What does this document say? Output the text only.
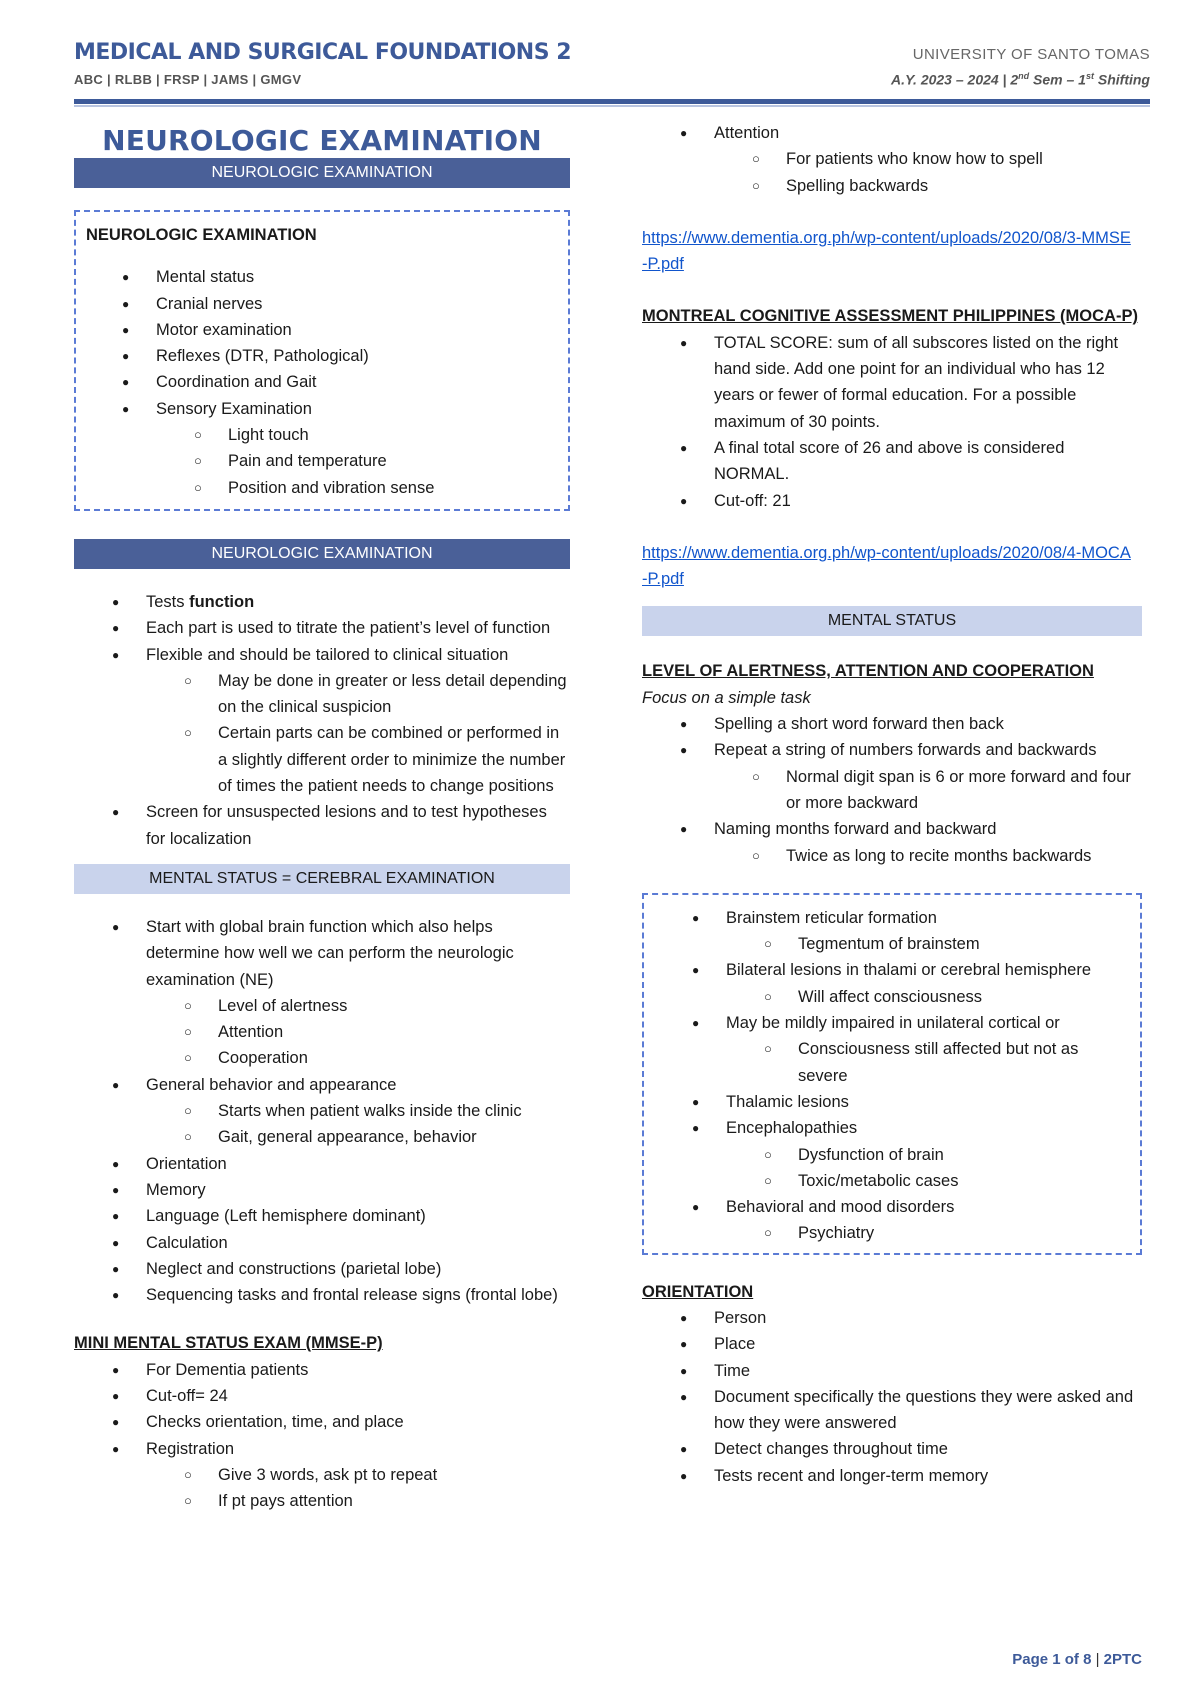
MEDICAL AND SURGICAL FOUNDATIONS 2
ABC | RLBB | FRSP | JAMS | GMGV
UNIVERSITY OF SANTO TOMAS
A.Y. 2023 – 2024 | 2nd Sem – 1st Shifting
NEUROLOGIC EXAMINATION
NEUROLOGIC EXAMINATION
NEUROLOGIC EXAMINATION
● Mental status
● Cranial nerves
● Motor examination
● Reflexes (DTR, Pathological)
● Coordination and Gait
● Sensory Examination
○ Light touch
○ Pain and temperature
○ Position and vibration sense
NEUROLOGIC EXAMINATION
● Tests function
● Each part is used to titrate the patient’s level of function
● Flexible and should be tailored to clinical situation
○ May be done in greater or less detail depending on the clinical suspicion
○ Certain parts can be combined or performed in a slightly different order to minimize the number of times the patient needs to change positions
● Screen for unsuspected lesions and to test hypotheses for localization
MENTAL STATUS = CEREBRAL EXAMINATION
● Start with global brain function which also helps determine how well we can perform the neurologic examination (NE)
○ Level of alertness
○ Attention
○ Cooperation
● General behavior and appearance
○ Starts when patient walks inside the clinic
○ Gait, general appearance, behavior
● Orientation
● Memory
● Language (Left hemisphere dominant)
● Calculation
● Neglect and constructions (parietal lobe)
● Sequencing tasks and frontal release signs (frontal lobe)
MINI MENTAL STATUS EXAM (MMSE-P)
● For Dementia patients
● Cut-off= 24
● Checks orientation, time, and place
● Registration
○ Give 3 words, ask pt to repeat
○ If pt pays attention
● Attention
○ For patients who know how to spell
○ Spelling backwards
https://www.dementia.org.ph/wp-content/uploads/2020/08/3-MMSE-P.pdf
MONTREAL COGNITIVE ASSESSMENT PHILIPPINES (MOCA-P)
● TOTAL SCORE: sum of all subscores listed on the right hand side. Add one point for an individual who has 12 years or fewer of formal education. For a possible maximum of 30 points.
● A final total score of 26 and above is considered NORMAL.
● Cut-off: 21
https://www.dementia.org.ph/wp-content/uploads/2020/08/4-MOCA-P.pdf
MENTAL STATUS
LEVEL OF ALERTNESS, ATTENTION AND COOPERATION
Focus on a simple task
● Spelling a short word forward then back
● Repeat a string of numbers forwards and backwards
○ Normal digit span is 6 or more forward and four or more backward
● Naming months forward and backward
○ Twice as long to recite months backwards
● Brainstem reticular formation
○ Tegmentum of brainstem
● Bilateral lesions in thalami or cerebral hemisphere
○ Will affect consciousness
● May be mildly impaired in unilateral cortical or
○ Consciousness still affected but not as severe
● Thalamic lesions
● Encephalopathies
○ Dysfunction of brain
○ Toxic/metabolic cases
● Behavioral and mood disorders
○ Psychiatry
ORIENTATION
● Person
● Place
● Time
● Document specifically the questions they were asked and how they were answered
● Detect changes throughout time
● Tests recent and longer-term memory
Page 1 of 8 | 2PTC
